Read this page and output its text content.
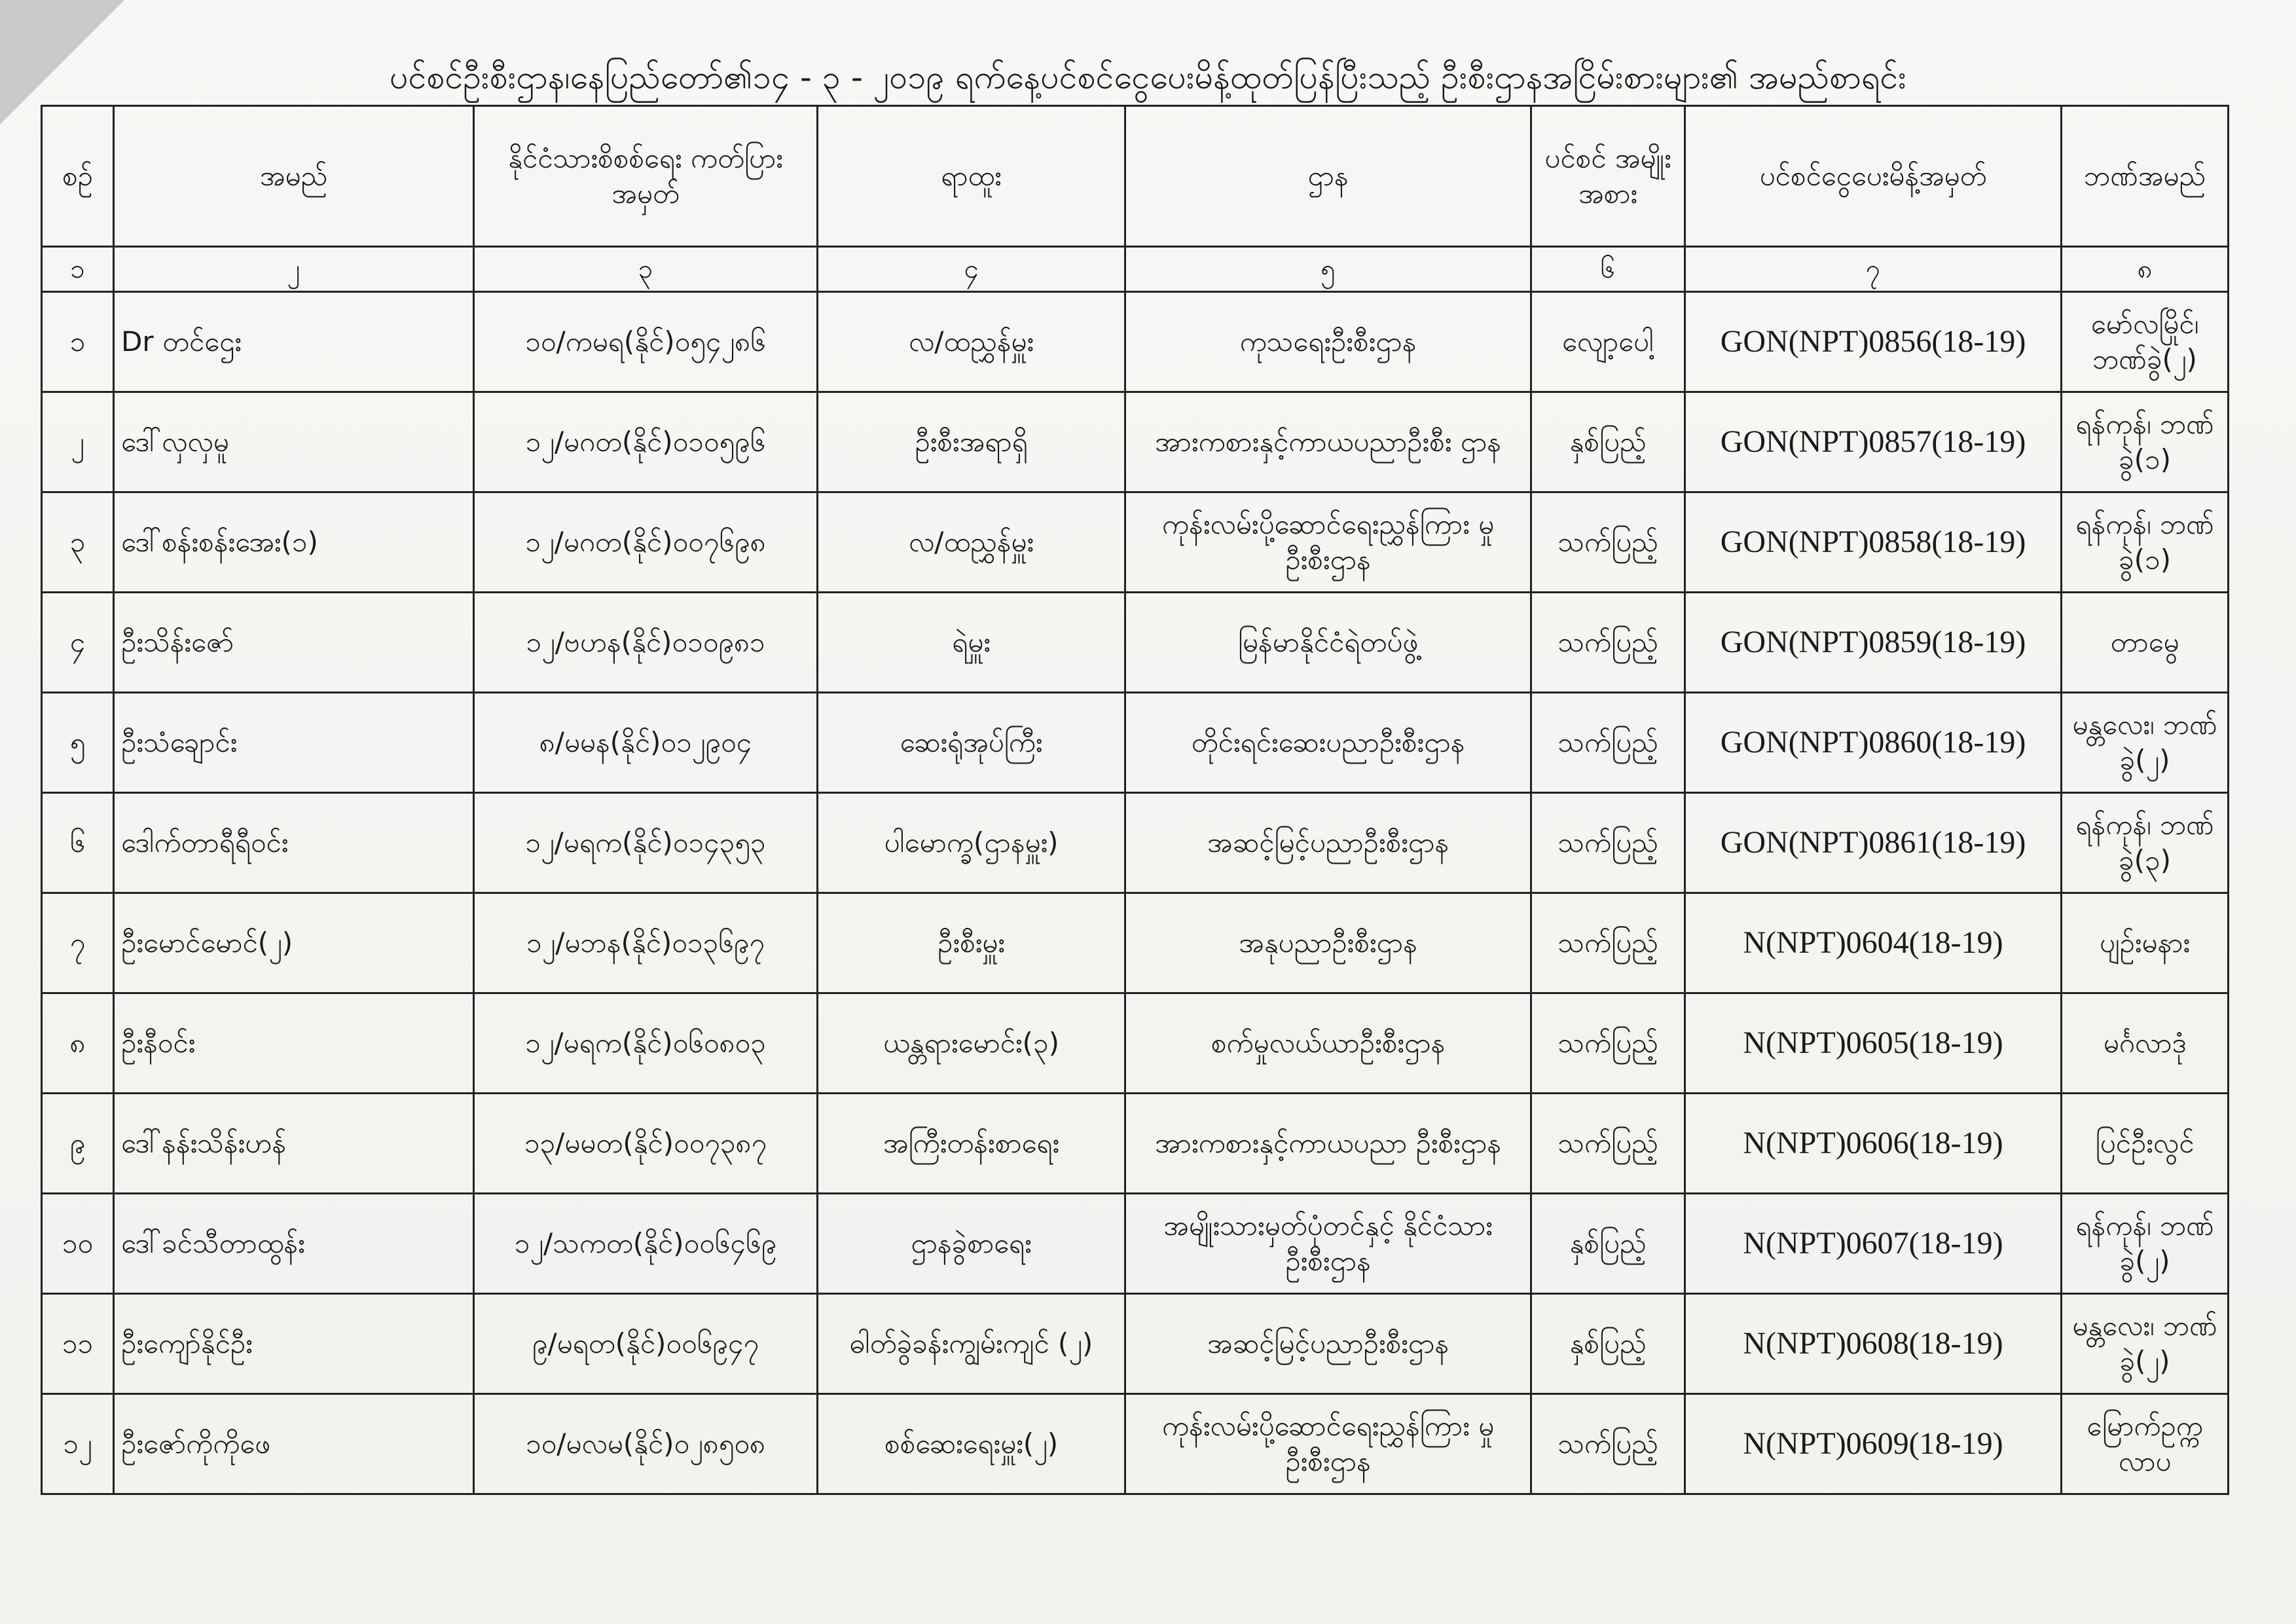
ပင်စင်ဦးစီးဌာန၊နေပြည်တော်၏၁၄ - ၃ - ၂၀၁၉ ရက်နေ့ပင်စင်ငွေပေးမိန့်ထုတ်ပြန်ပြီးသည့် ဦးစီးဌာနအငြိမ်းစားများ၏ အမည်စာရင်း
စဉ်	အမည်	နိုင်ငံသားစိစစ်ရေး ကတ်ပြားအမှတ်	ရာထူး	ဌာန	ပင်စင် အမျိုး အစား	ပင်စင်ငွေပေးမိန့်အမှတ်	ဘဏ်အမည်
၁	၂	၃	၄	၅	၆	၇	၈
၁	Dr တင်ဌေး	၁၀/ကမရ(နိုင်)၀၅၄၂၈၆	လ/ထညွှန်မှူး	ကုသရေးဦးစီးဌာန	လျော့ပေါ့	GON(NPT)0856(18-19)	မော်လမြိုင်၊ ဘဏ်ခွဲ(၂)
၂	ဒေါ်လှလှမူ	၁၂/မဂတ(နိုင်)၀၁၀၅၉၆	ဦးစီးအရာရှိ	အားကစားနှင့်ကာယပညာဦးစီး ဌာန	နှစ်ပြည့်	GON(NPT)0857(18-19)	ရန်ကုန်၊ ဘဏ်ခွဲ(၁)
၃	ဒေါ်စန်းစန်းအေး(၁)	၁၂/မဂတ(နိုင်)၀၀၇၆၉၈	လ/ထညွှန်မှူး	ကုန်းလမ်းပို့ဆောင်ရေးညွှန်ကြား မှုဦးစီးဌာန	သက်ပြည့်	GON(NPT)0858(18-19)	ရန်ကုန်၊ ဘဏ်ခွဲ(၁)
၄	ဦးသိန်းဇော်	၁၂/ဗဟန(နိုင်)၀၁၀၉၈၁	ရဲမှူး	မြန်မာနိုင်ငံရဲတပ်ဖွဲ့	သက်ပြည့်	GON(NPT)0859(18-19)	တာမွေ
၅	ဦးသံချောင်း	၈/မမန(နိုင်)၀၁၂၉၀၄	ဆေးရုံအုပ်ကြီး	တိုင်းရင်းဆေးပညာဦးစီးဌာန	သက်ပြည့်	GON(NPT)0860(18-19)	မန္တလေး၊ ဘဏ်ခွဲ(၂)
၆	ဒေါက်တာရီရီဝင်း	၁၂/မရက(နိုင်)၀၁၄၃၅၃	ပါမောက္ခ(ဌာနမှူး)	အဆင့်မြင့်ပညာဦးစီးဌာန	သက်ပြည့်	GON(NPT)0861(18-19)	ရန်ကုန်၊ ဘဏ်ခွဲ(၃)
၇	ဦးမောင်မောင်(၂)	၁၂/မဘန(နိုင်)၀၁၃၆၉၇	ဦးစီးမှူး	အနုပညာဦးစီးဌာန	သက်ပြည့်	N(NPT)0604(18-19)	ပျဉ်းမနား
၈	ဦးနီဝင်း	၁၂/မရက(နိုင်)၀၆၀၈၀၃	ယန္တရားမောင်း(၃)	စက်မှုလယ်ယာဦးစီးဌာန	သက်ပြည့်	N(NPT)0605(18-19)	မင်္ဂလာဒုံ
၉	ဒေါ်နန်းသိန်းဟန်	၁၃/မမတ(နိုင်)၀၀၇၃၈၇	အကြီးတန်းစာရေး	အားကစားနှင့်ကာယပညာ ဦးစီးဌာန	သက်ပြည့်	N(NPT)0606(18-19)	ပြင်ဦးလွင်
၁၀	ဒေါ်ခင်သီတာထွန်း	၁၂/သကတ(နိုင်)၀၀၆၄၆၉	ဌာနခွဲစာရေး	အမျိုးသားမှတ်ပုံတင်နှင့် နိုင်ငံသားဦးစီးဌာန	နှစ်ပြည့်	N(NPT)0607(18-19)	ရန်ကုန်၊ ဘဏ်ခွဲ(၂)
၁၁	ဦးကျော်နိုင်ဦး	၉/မရတ(နိုင်)၀၀၆၉၄၇	ဓါတ်ခွဲခန်းကျွမ်းကျင် (၂)	အဆင့်မြင့်ပညာဦးစီးဌာန	နှစ်ပြည့်	N(NPT)0608(18-19)	မန္တလေး၊ ဘဏ်ခွဲ(၂)
၁၂	ဦးဇော်ကိုကိုဖေ	၁၀/မလမ(နိုင်)၀၂၈၅၀၈	စစ်ဆေးရေးမှူး(၂)	ကုန်းလမ်းပို့ဆောင်ရေးညွှန်ကြား မှုဦးစီးဌာန	သက်ပြည့်	N(NPT)0609(18-19)	မြောက်ဥက္ကလာပ
